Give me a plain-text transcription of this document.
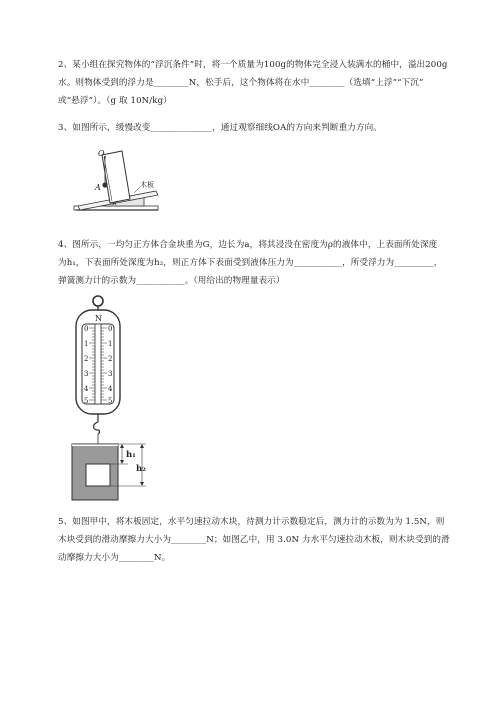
2、某小组在探究物体的“浮沉条件”时，将一个质量为100g的物体完全浸入装满水的桶中，溢出200g

水。则物体受到的浮力是________N，松手后，这个物体将在水中________（选填“上浮”“下沉”

或“悬浮”）。（g 取 10N/kg）

3、如图所示，缓慢改变______________，通过观察细线OA的方向来判断重力方向。

O
A
α
木板

4、图所示，一均匀正方体合金块重为G，边长为a，将其浸没在密度为ρ的液体中，上表面所处深度

为h₁，下表面所处深度为h₂，则正方体下表面受到液体压力为___________，所受浮力为_________，

弹簧测力计的示数为___________。（用给出的物理量表示）

N
0
1
2
3
4
5
0
1
2
3
4
5
h₁
h₂

5、如图甲中，将木板固定，水平匀速拉动木块，待测力计示数稳定后，测力计的示数为为 1.5N，则

木块受到的滑动摩擦力大小为________N；如图乙中，用 3.0N 力水平匀速拉动木板，则木块受到的滑

动摩擦力大小为________N。
